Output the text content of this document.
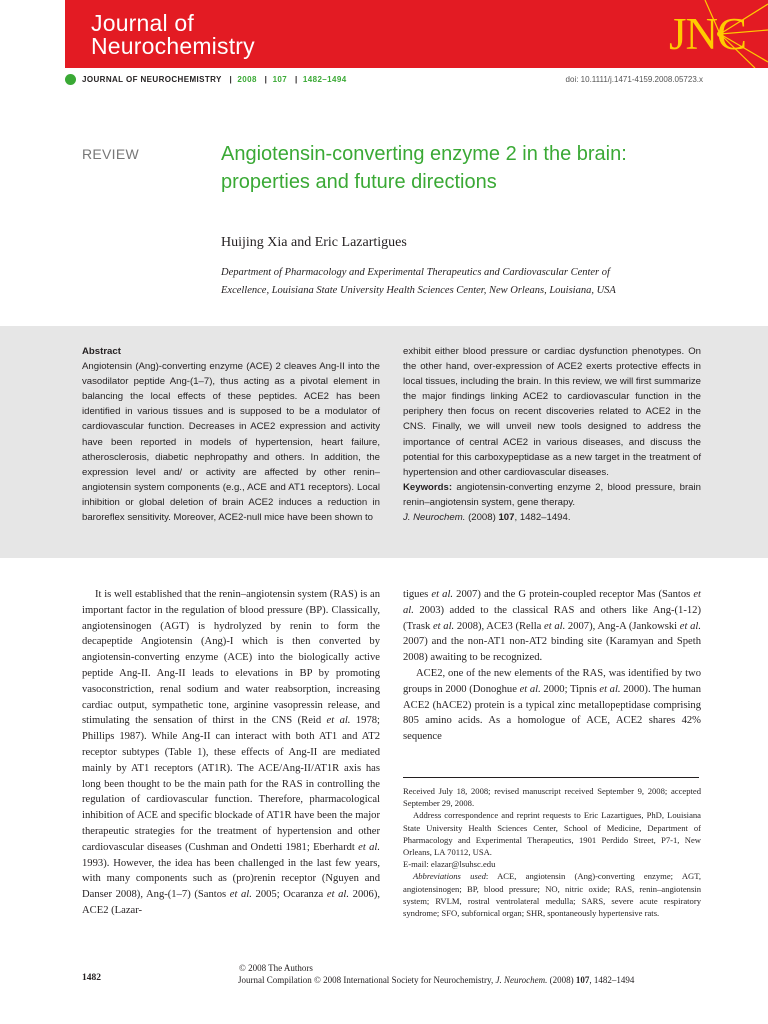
Journal of
Neurochemistry	JNC
JOURNAL OF NEUROCHEMISTRY   |  2008   |  107   |  1482–1494	doi: 10.1111/j.1471-4159.2008.05723.x
REVIEW	Angiotensin-converting enzyme 2 in the brain:
properties and future directions
Huijing Xia and Eric Lazartigues
Department of Pharmacology and Experimental Therapeutics and Cardiovascular Center of
Excellence, Louisiana State University Health Sciences Center, New Orleans, Louisiana, USA
Abstract
Angiotensin (Ang)-converting enzyme (ACE) 2 cleaves Ang-II into the vasodilator peptide Ang-(1–7), thus acting as a pivotal element in balancing the local effects of these peptides. ACE2 has been identified in various tissues and is supposed to be a modulator of cardiovascular function. Decreases in ACE2 expression and activity have been reported in models of hypertension, heart failure, atherosclerosis, diabetic nephropathy and others. In addition, the expression level and/ or activity are affected by other renin–angiotensin system components (e.g., ACE and AT1 receptors). Local inhibition or global deletion of brain ACE2 induces a reduction in baroreflex sensitivity. Moreover, ACE2-null mice have been shown to
exhibit either blood pressure or cardiac dysfunction phenotypes. On the other hand, over-expression of ACE2 exerts protective effects in local tissues, including the brain. In this review, we will first summarize the major findings linking ACE2 to cardiovascular function in the periphery then focus on recent discoveries related to ACE2 in the CNS. Finally, we will unveil new tools designed to address the importance of central ACE2 in various diseases, and discuss the potential for this carboxypeptidase as a new target in the treatment of hypertension and other cardiovascular diseases.
Keywords: angiotensin-converting enzyme 2, blood pressure, brain renin–angiotensin system, gene therapy.
J. Neurochem. (2008) 107, 1482–1494.

It is well established that the renin–angiotensin system (RAS) is an important factor in the regulation of blood pressure (BP). Classically, angiotensinogen (AGT) is hydrolyzed by renin to form the decapeptide Angiotensin (Ang)-I which is then converted by angiotensin-converting enzyme (ACE) into the biologically active peptide Ang-II. Ang-II leads to elevations in BP by promoting vasoconstriction, renal sodium and water reabsorption, increasing cardiac output, sympathetic tone, arginine vasopressin release, and stimulating the sensation of thirst in the CNS (Reid et al. 1978; Phillips 1987). While Ang-II can interact with both AT1 and AT2 receptor subtypes (Table 1), these effects of Ang-II are mediated mainly by AT1 receptors (AT1R). The ACE/Ang-II/AT1R axis has long been thought to be the main path for the RAS in controlling the regulation of cardiovascular function. Therefore, pharmacological inhibition of ACE and specific blockade of AT1R have been the major therapeutic strategies for the treatment of hypertension and other cardiovascular diseases (Cushman and Ondetti 1981; Eberhardt et al. 1993). However, the idea has been challenged in the last few years, with many components such as (pro)renin receptor (Nguyen and Danser 2008), Ang-(1–7) (Santos et al. 2005; Ocaranza et al. 2006), ACE2 (Lazar-

tigues et al. 2007) and the G protein-coupled receptor Mas (Santos et al. 2003) added to the classical RAS and others like Ang-(1-12) (Trask et al. 2008), ACE3 (Rella et al. 2007), Ang-A (Jankowski et al. 2007) and the non-AT1 non-AT2 binding site (Karamyan and Speth 2008) awaiting to be recognized.

ACE2, one of the new elements of the RAS, was identified by two groups in 2000 (Donoghue et al. 2000; Tipnis et al. 2000). The human ACE2 (hACE2) protein is a typical zinc metallopeptidase comprising 805 amino acids. As a homologue of ACE, ACE2 shares 42% sequence

Received July 18, 2008; revised manuscript received September 9, 2008; accepted September 29, 2008.

Address correspondence and reprint requests to Eric Lazartigues, PhD, Louisiana State University Health Sciences Center, School of Medicine, Department of Pharmacology and Experimental Therapeutics, 1901 Perdido Street, P7-1, New Orleans, LA 70112, USA.

E-mail: elazar@lsuhsc.edu

Abbreviations used: ACE, angiotensin (Ang)-converting enzyme; AGT, angiotensinogen; BP, blood pressure; NO, nitric oxide; RAS, renin–angiotensin system; RVLM, rostral ventrolateral medulla; SARS, severe acute respiratory syndrome; SFO, subfornical organ; SHR, spontaneously hypertensive rats.

1482
© 2008 The Authors
Journal Compilation © 2008 International Society for Neurochemistry, J. Neurochem. (2008) 107, 1482–1494
